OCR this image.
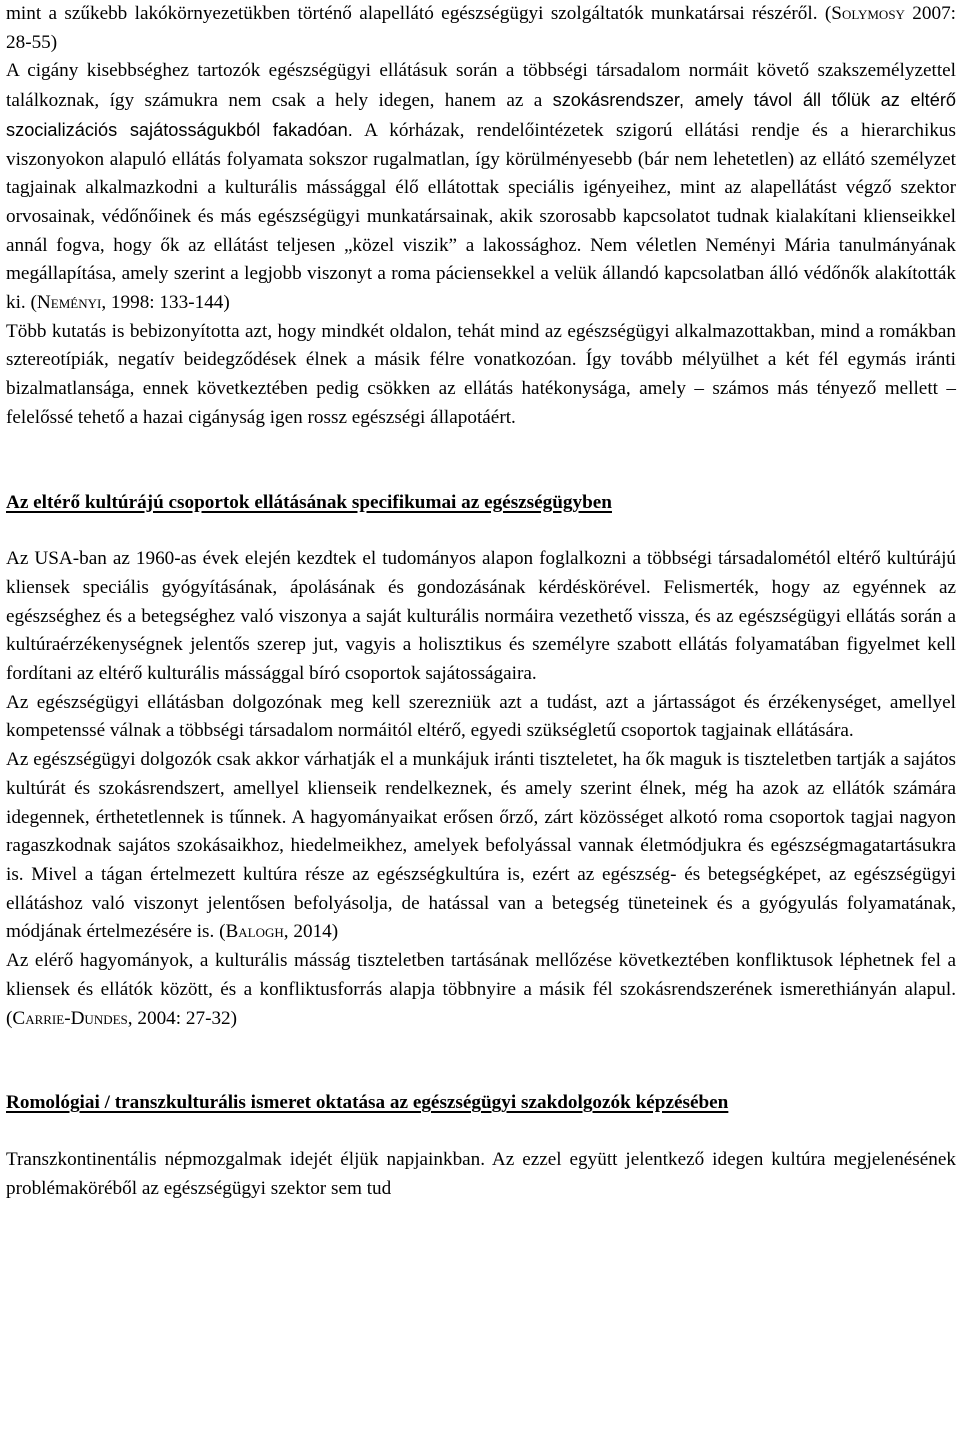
mint a szűkebb lakókörnyezetükben történő alapellátó egészségügyi szolgáltatók munkatársai részéről. (Solymosy 2007: 28-55)

A cigány kisebbséghez tartozók egészségügyi ellátásuk során a többségi társadalom normáit követő szakszemélyzettel találkoznak, így számukra nem csak a hely idegen, hanem az a szokásrendszer, amely távol áll tőlük az eltérő szocializációs sajátosságukból fakadóan. A kórházak, rendelőintézetek szigorú ellátási rendje és a hierarchikus viszonyokon alapuló ellátás folyamata sokszor rugalmatlan, így körülményesebb (bár nem lehetetlen) az ellátó személyzet tagjainak alkalmazkodni a kulturális mássággal élő ellátottak speciális igényeihez, mint az alapellátást végző szektor orvosainak, védőnőinek és más egészségügyi munkatársainak, akik szorosabb kapcsolatot tudnak kialakítani klienseikkel annál fogva, hogy ők az ellátást teljesen „közel viszik” a lakossághoz. Nem véletlen Neményi Mária tanulmányának megállapítása, amely szerint a legjobb viszonyt a roma páciensekkel a velük állandó kapcsolatban álló védőnők alakították ki. (Neményi, 1998: 133-144)

Több kutatás is bebizonyította azt, hogy mindkét oldalon, tehát mind az egészségügyi alkalmazottakban, mind a romákban sztereotípiák, negatív beidegződések élnek a másik félre vonatkozóan. Így tovább mélyülhet a két fél egymás iránti bizalmatlansága, ennek következtében pedig csökken az ellátás hatékonysága, amely – számos más tényező mellett – felelőssé tehető a hazai cigányság igen rossz egészségi állapotáért.

Az eltérő kultúrájú csoportok ellátásának specifikumai az egészségügyben

Az USA-ban az 1960-as évek elején kezdtek el tudományos alapon foglalkozni a többségi társadalométól eltérő kultúrájú kliensek speciális gyógyításának, ápolásának és gondozásának kérdéskörével. Felismerték, hogy az egyénnek az egészséghez és a betegséghez való viszonya a saját kulturális normáira vezethető vissza, és az egészségügyi ellátás során a kultúraérzékenységnek jelentős szerep jut, vagyis a holisztikus és személyre szabott ellátás folyamatában figyelmet kell fordítani az eltérő kulturális mássággal bíró csoportok sajátosságaira.

Az egészségügyi ellátásban dolgozónak meg kell szerezniük azt a tudást, azt a jártasságot és érzékenységet, amellyel kompetenssé válnak a többségi társadalom normáitól eltérő, egyedi szükségletű csoportok tagjainak ellátására.

Az egészségügyi dolgozók csak akkor várhatják el a munkájuk iránti tiszteletet, ha ők maguk is tiszteletben tartják a sajátos kultúrát és szokásrendszert, amellyel klienseik rendelkeznek, és amely szerint élnek, még ha azok az ellátók számára idegennek, érthetetlennek is tűnnek. A hagyományaikat erősen őrző, zárt közösséget alkotó roma csoportok tagjai nagyon ragaszkodnak sajátos szokásaikhoz, hiedelmeikhez, amelyek befolyással vannak életmódjukra és egészségmagatartásukra is. Mivel a tágan értelmezett kultúra része az egészségkultúra is, ezért az egészség- és betegségképet, az egészségügyi ellátáshoz való viszonyt jelentősen befolyásolja, de hatással van a betegség tüneteinek és a gyógyulás folyamatának, módjának értelmezésére is. (Balogh, 2014)

Az elérő hagyományok, a kulturális másság tiszteletben tartásának mellőzése következtében konfliktusok léphetnek fel a kliensek és ellátók között, és a konfliktusforrás alapja többnyire a másik fél szokásrendszerének ismerethiányán alapul. (Carrie-Dundes, 2004: 27-32)

Romológiai / transzkulturális ismeret oktatása az egészségügyi szakdolgozók képzésében

Transzkontinentális népmozgalmak idejét éljük napjainkban. Az ezzel együtt jelentkező idegen kultúra megjelenésének problémaköréből az egészségügyi szektor sem tud
